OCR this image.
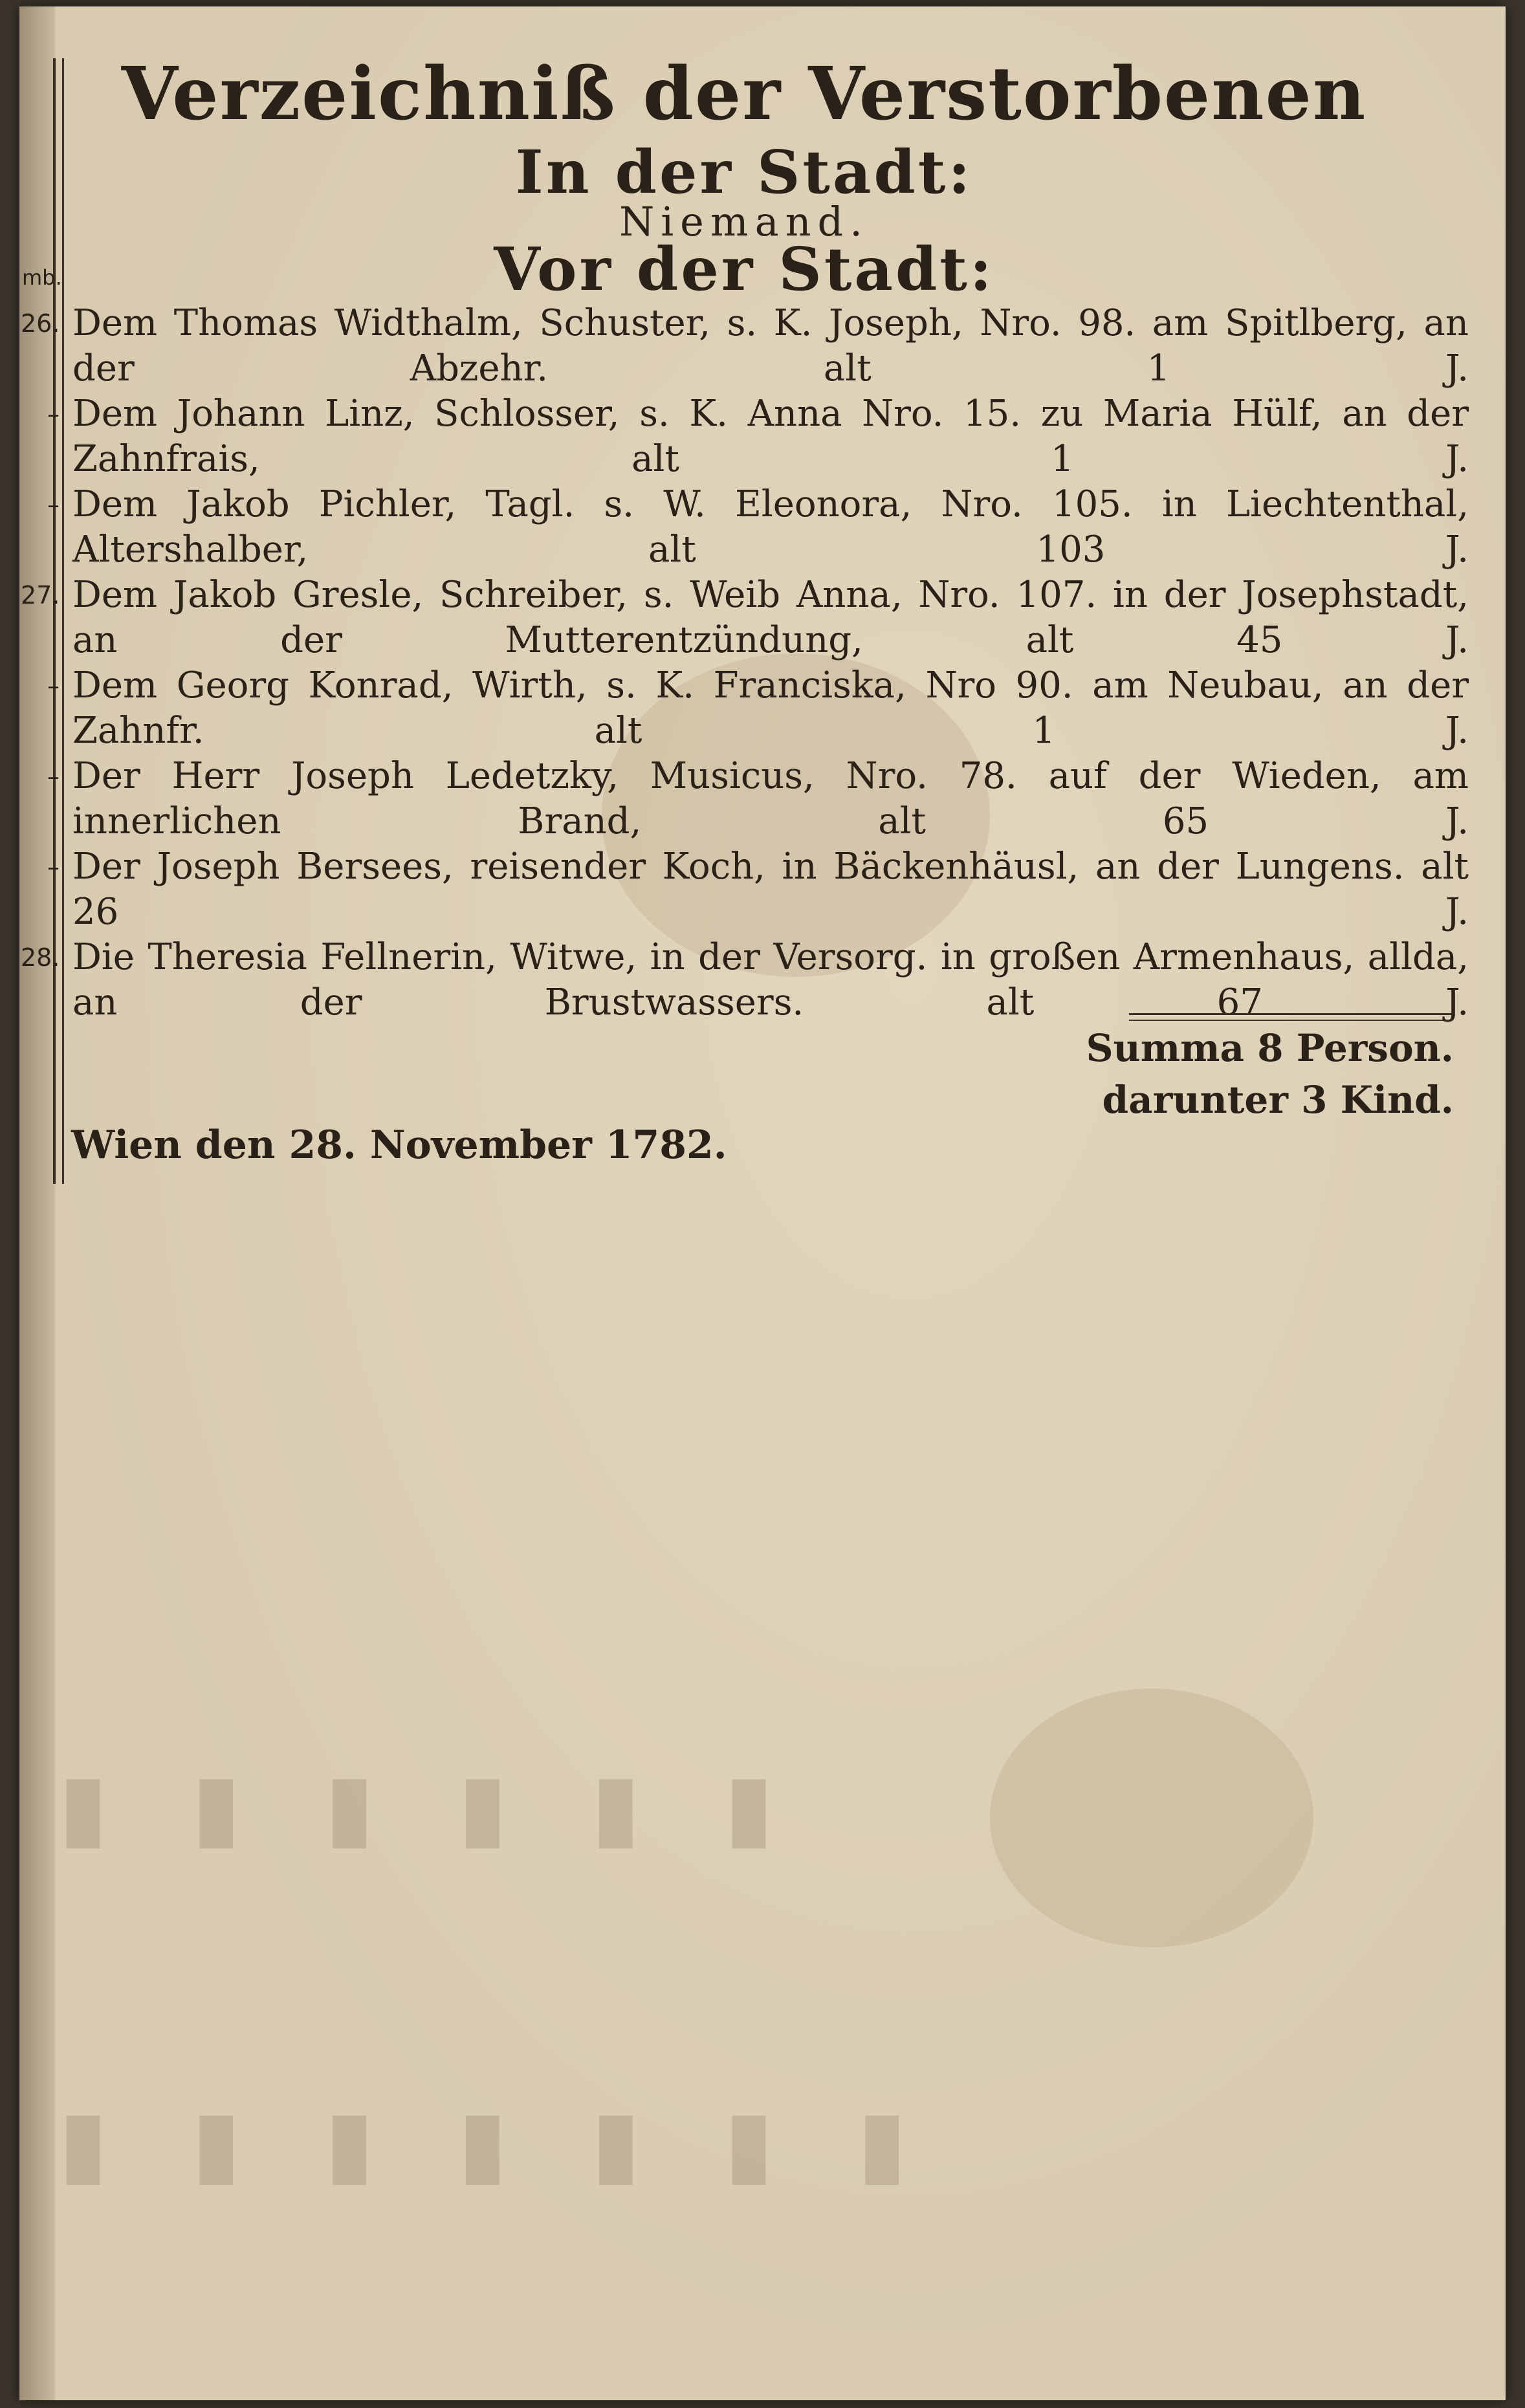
Verzeichniß der Verstorbenen
In der Stadt:
Niemand.
Vor der Stadt:
mb.
26. Dem Thomas Widthalm, Schuster, s. K. Joseph, Nro. 98. am Spitlberg, an der Abzehr. alt 1 J.
– Dem Johann Linz, Schlosser, s. K. Anna Nro. 15. zu Maria Hülf, an der Zahnfrais, alt 1 J.
– Dem Jakob Pichler, Tagl. s. W. Eleonora, Nro. 105. in Liechtenthal, Altershalber, alt 103 J.
27. Dem Jakob Gresle, Schreiber, s. Weib Anna, Nro. 107. in der Josephstadt, an der Mutterentzündung, alt 45 J.
– Dem Georg Konrad, Wirth, s. K. Franciska, Nro 90. am Neubau, an der Zahnfr. alt 1 J.
– Der Herr Joseph Ledetzky, Musicus, Nro. 78. auf der Wieden, am innerlichen Brand, alt 65 J.
– Der Joseph Bersees, reisender Koch, in Bäckenhäusl, an der Lungens. alt 26 J.
28. Die Theresia Fellnerin, Witwe, in der Versorg. in großen Armenhaus, allda, an der Brustwassers. alt 67 J.
Summa 8 Person.
darunter 3 Kind.
Wien den 28. November 1782.
▮ ▮ ▮ ▮ ▮ ▮
▮ ▮ ▮ ▮ ▮ ▮ ▮
